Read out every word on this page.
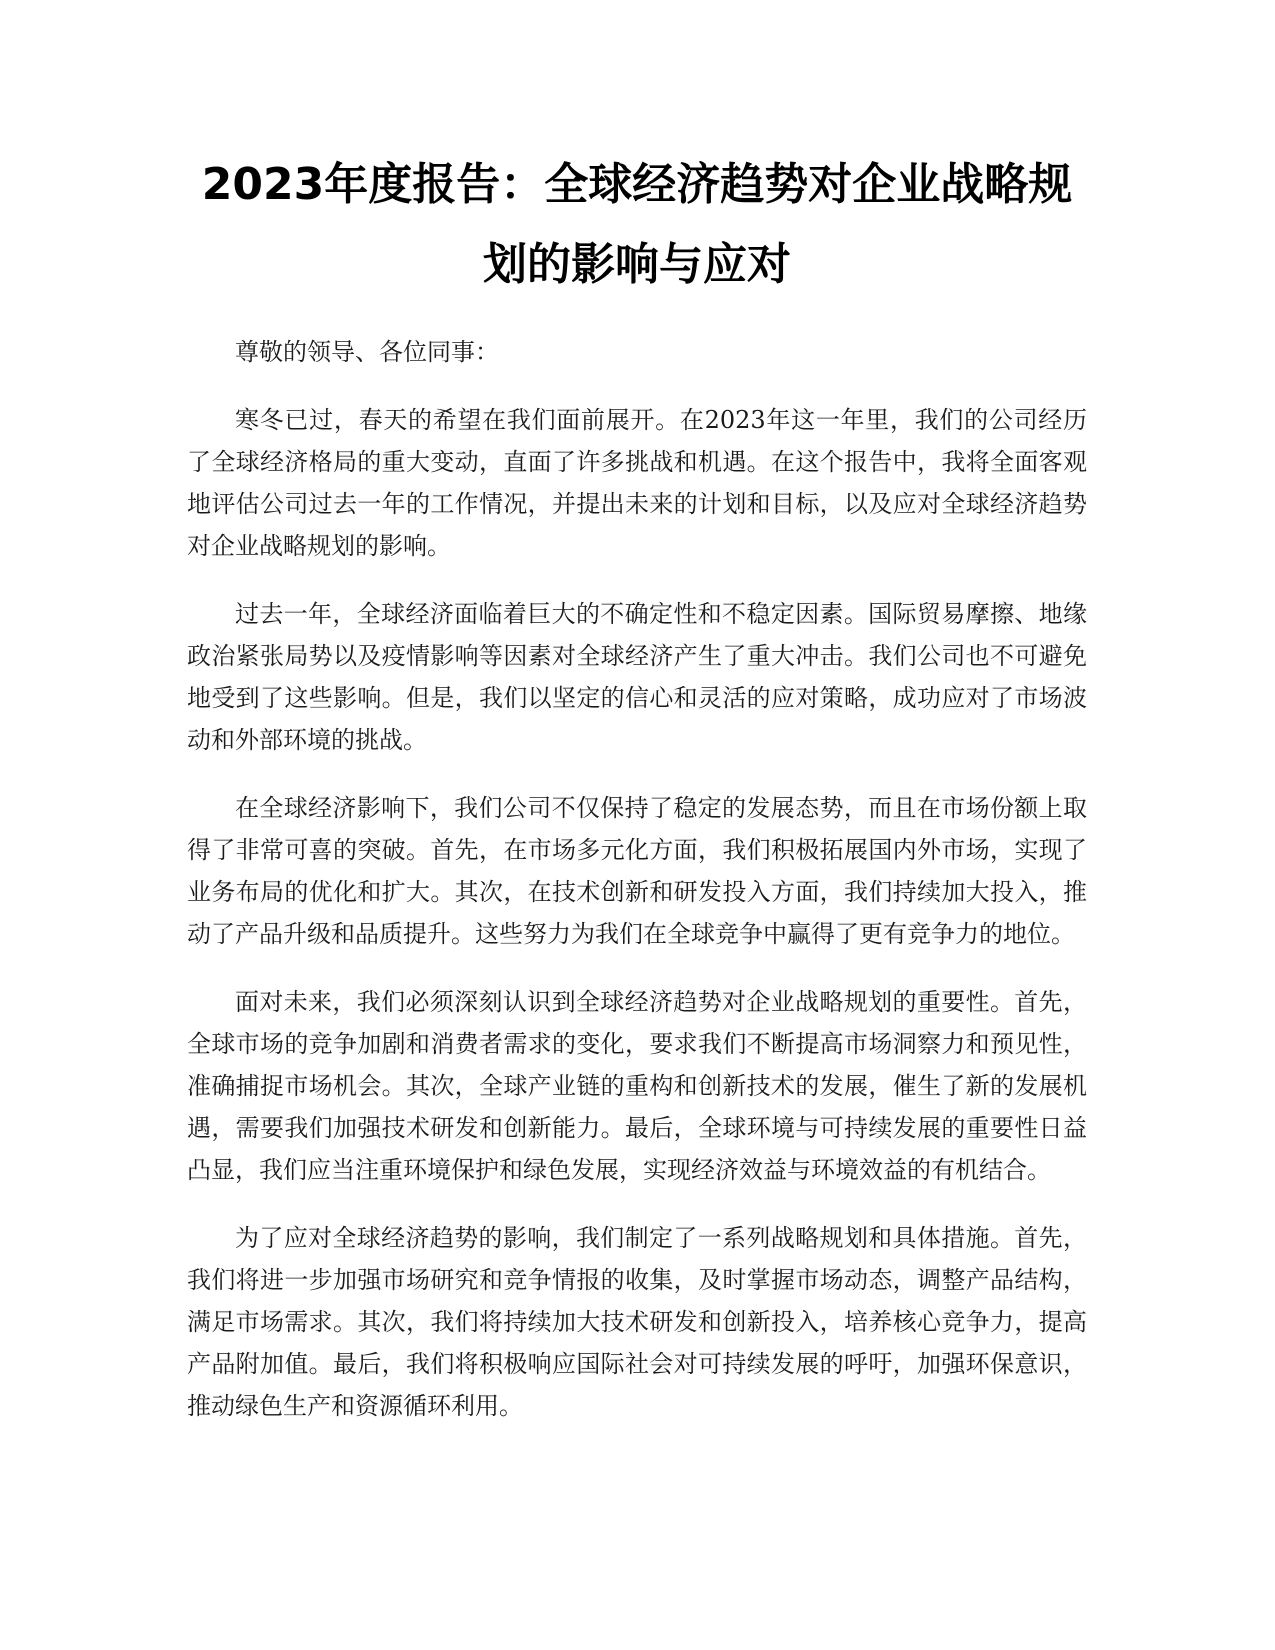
2023年度报告：全球经济趋势对企业战略规划的影响与应对

尊敬的领导、各位同事：

寒冬已过，春天的希望在我们面前展开。在2023年这一年里，我们的公司经历了全球经济格局的重大变动，直面了许多挑战和机遇。在这个报告中，我将全面客观地评估公司过去一年的工作情况，并提出未来的计划和目标，以及应对全球经济趋势对企业战略规划的影响。

过去一年，全球经济面临着巨大的不确定性和不稳定因素。国际贸易摩擦、地缘政治紧张局势以及疫情影响等因素对全球经济产生了重大冲击。我们公司也不可避免地受到了这些影响。但是，我们以坚定的信心和灵活的应对策略，成功应对了市场波动和外部环境的挑战。

在全球经济影响下，我们公司不仅保持了稳定的发展态势，而且在市场份额上取得了非常可喜的突破。首先，在市场多元化方面，我们积极拓展国内外市场，实现了业务布局的优化和扩大。其次，在技术创新和研发投入方面，我们持续加大投入，推动了产品升级和品质提升。这些努力为我们在全球竞争中赢得了更有竞争力的地位。

面对未来，我们必须深刻认识到全球经济趋势对企业战略规划的重要性。首先，全球市场的竞争加剧和消费者需求的变化，要求我们不断提高市场洞察力和预见性，准确捕捉市场机会。其次，全球产业链的重构和创新技术的发展，催生了新的发展机遇，需要我们加强技术研发和创新能力。最后，全球环境与可持续发展的重要性日益凸显，我们应当注重环境保护和绿色发展，实现经济效益与环境效益的有机结合。

为了应对全球经济趋势的影响，我们制定了一系列战略规划和具体措施。首先，我们将进一步加强市场研究和竞争情报的收集，及时掌握市场动态，调整产品结构，满足市场需求。其次，我们将持续加大技术研发和创新投入，培养核心竞争力，提高产品附加值。最后，我们将积极响应国际社会对可持续发展的呼吁，加强环保意识，推动绿色生产和资源循环利用。
